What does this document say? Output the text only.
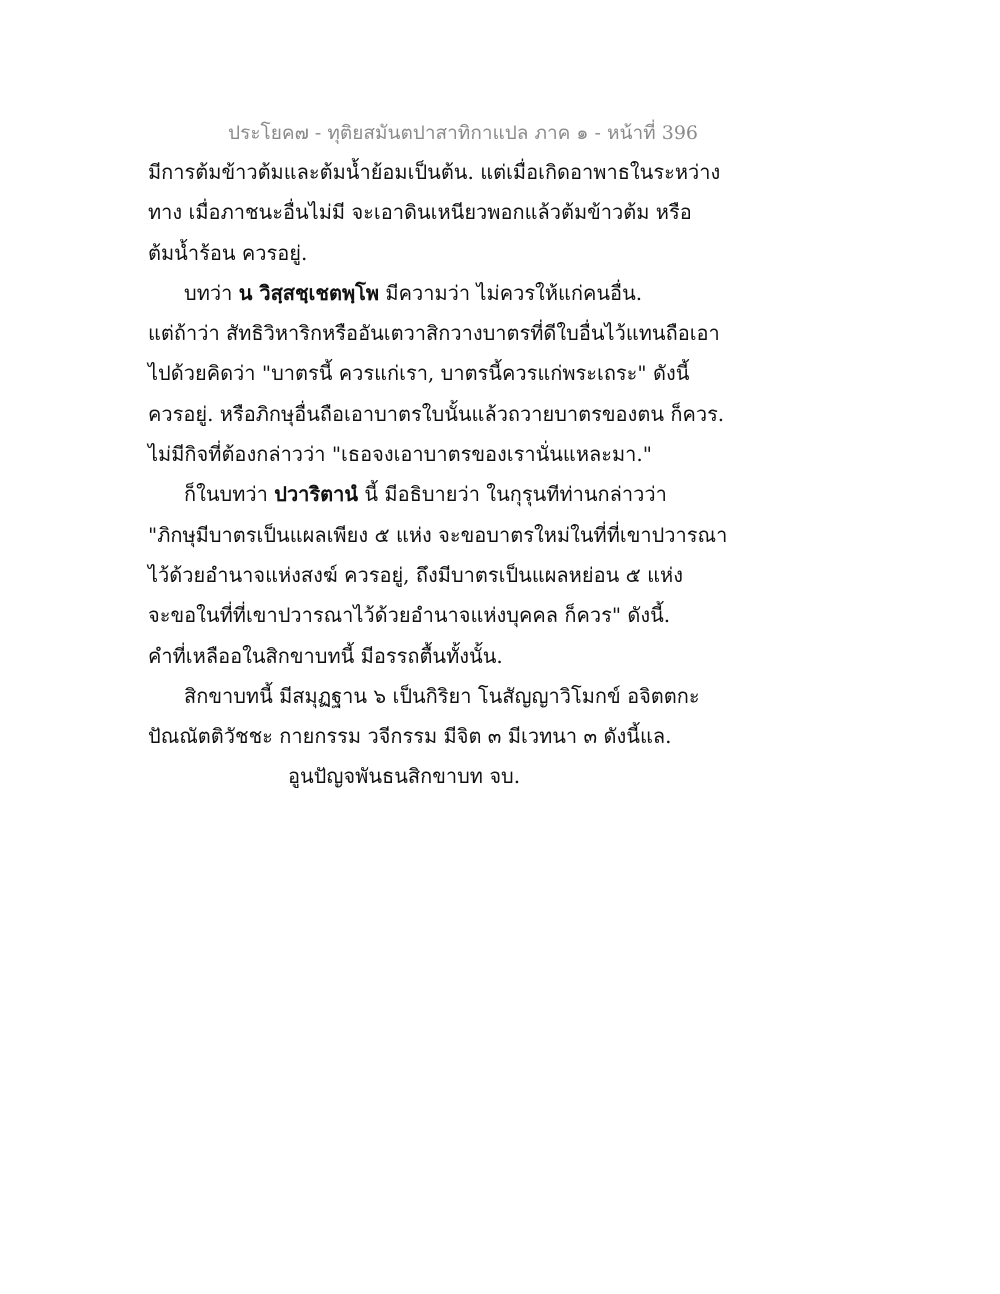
ประโยค๗ - ทุติยสมันตปาสาทิกาแปล ภาค ๑ - หน้าที่ 396
มีการต้มข้าวต้มและต้มน้ำย้อมเป็นต้น. แต่เมื่อเกิดอาพาธในระหว่าง
ทาง เมื่อภาชนะอื่นไม่มี จะเอาดินเหนียวพอกแล้วต้มข้าวต้ม หรือ
ต้มน้ำร้อน ควรอยู่.
บทว่า น วิสฺสชฺเชตพฺโพ มีความว่า ไม่ควรให้แก่คนอื่น.
แต่ถ้าว่า สัทธิวิหาริกหรืออันเตวาสิกวางบาตรที่ดีใบอื่นไว้แทนถือเอา
ไปด้วยคิดว่า "บาตรนี้ ควรแก่เรา, บาตรนี้ควรแก่พระเถระ" ดังนี้
ควรอยู่. หรือภิกษุอื่นถือเอาบาตรใบนั้นแล้วถวายบาตรของตน ก็ควร.
ไม่มีกิจที่ต้องกล่าวว่า "เธอจงเอาบาตรของเรานั่นแหละมา."
ก็ในบทว่า ปวาริตานํ นี้ มีอธิบายว่า ในกุรุนทีท่านกล่าวว่า
"ภิกษุมีบาตรเป็นแผลเพียง ๕ แห่ง จะขอบาตรใหม่ในที่ที่เขาปวารณา
ไว้ด้วยอำนาจแห่งสงฆ์ ควรอยู่, ถึงมีบาตรเป็นแผลหย่อน ๕ แห่ง
จะขอในที่ที่เขาปวารณาไว้ด้วยอำนาจแห่งบุคคล ก็ควร" ดังนี้.
คำที่เหลืออในสิกขาบทนี้ มีอรรถตื้นทั้งนั้น.
สิกขาบทนี้ มีสมุฏฐาน ๖ เป็นกิริยา โนสัญญาวิโมกข์ อจิตตกะ
ปัณณัตติวัชชะ กายกรรม วจีกรรม มีจิต ๓ มีเวทนา ๓ ดังนี้แล.
อูนปัญจพันธนสิกขาบท จบ.
